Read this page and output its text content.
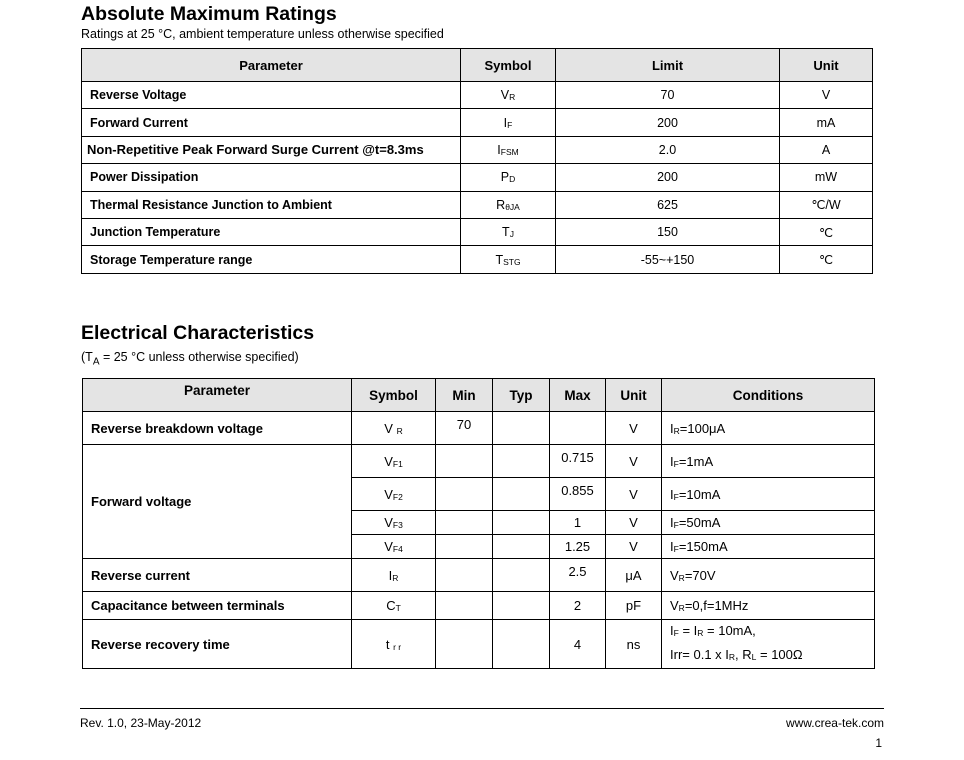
Absolute Maximum Ratings
Ratings at 25 °C, ambient temperature unless otherwise specified
Parameter	Symbol	Limit	Unit
Reverse Voltage	$V_R$	70	V
Forward Current	$I_F$	200	mA
Non-Repetitive Peak Forward Surge Current @t=8.3ms	$I_{FSM}$	2.0	A
Power Dissipation	$P_D$	200	mW
Thermal Resistance Junction to Ambient	$R_{\theta JA}$	625	℃/W
Junction Temperature	$T_J$	150	℃
Storage Temperature range	$T_{STG}$	-55~+150	℃
Electrical Characteristics
($T_A = 25$ °C unless otherwise specified)
Parameter	Symbol	Min	Typ	Max	Unit	Conditions
Reverse breakdown voltage	V $_R$	70			V	$I_R=100\mu A$
Forward voltage	$V_{F1}$			0.715	V	$I_F=1mA$
	$V_{F2}$			0.855	V	$I_F=10mA$
	$V_{F3}$			1	V	$I_F=50mA$
	$V_{F4}$			1.25	V	$I_F=150mA$
Reverse current	$I_R$			2.5	μA	$V_R=70V$
Capacitance between terminals	$C_T$			2	pF	$V_R=0,f=1MHz$
Reverse recovery time	t $_{r r}$			4	ns	$I_F = I_R = 10mA$,
Irr= 0.1 x $I_R$, $R_L = 100\Omega$
Rev. 1.0, 23-May-2012	www.crea-tek.com
1
